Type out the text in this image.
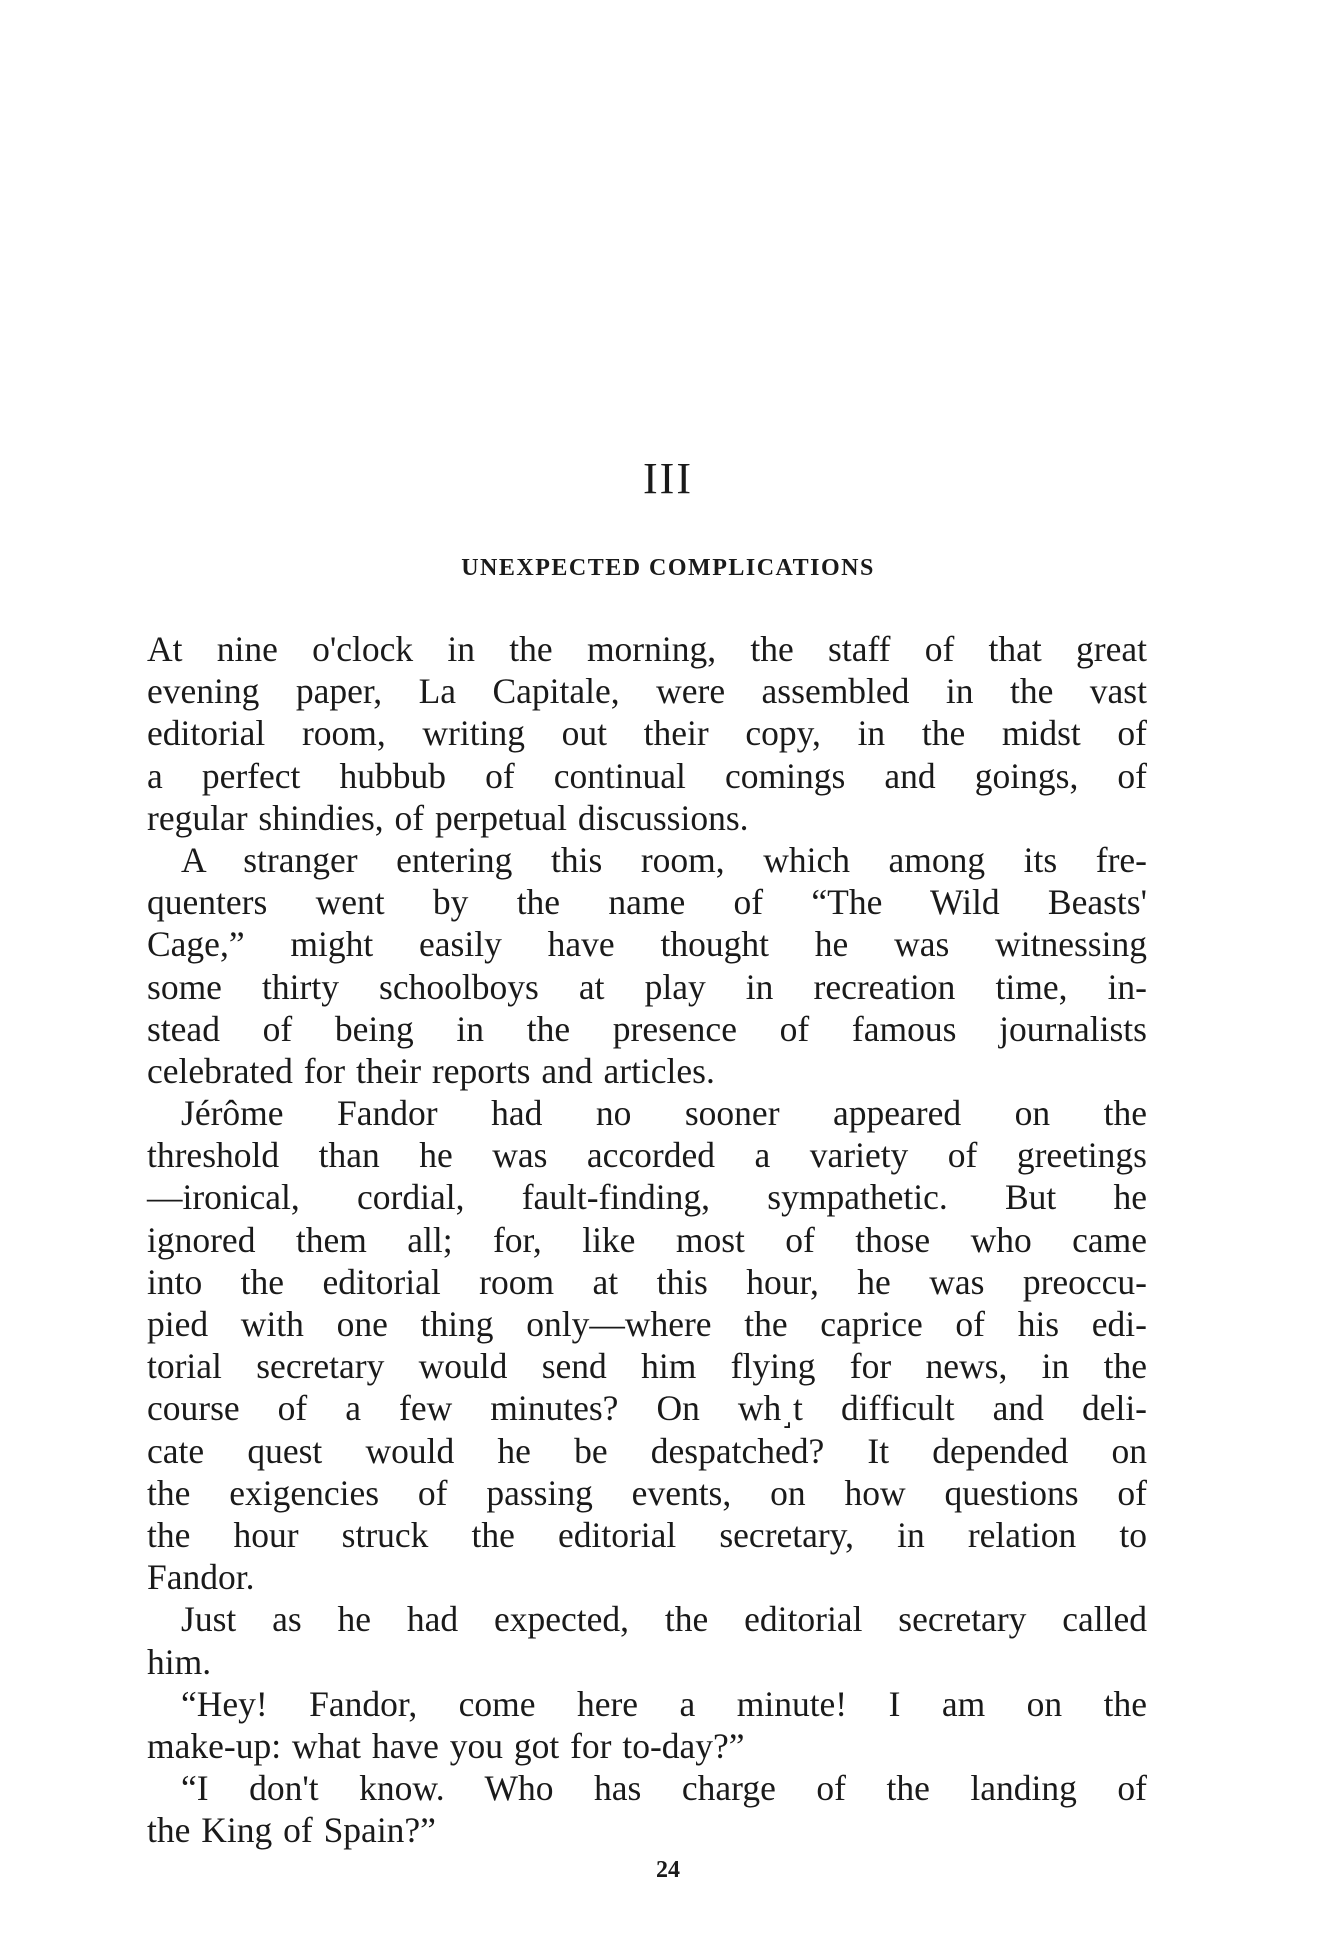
III
UNEXPECTED COMPLICATIONS
At nine o'clock in the morning, the staff of that great
evening paper, La Capitale, were assembled in the vast
editorial room, writing out their copy, in the midst of
a perfect hubbub of continual comings and goings, of
regular shindies, of perpetual discussions.
A stranger entering this room, which among its fre-
quenters went by the name of “The Wild Beasts'
Cage,” might easily have thought he was witnessing
some thirty schoolboys at play in recreation time, in-
stead of being in the presence of famous journalists
celebrated for their reports and articles.
Jérôme Fandor had no sooner appeared on the
threshold than he was accorded a variety of greetings
—ironical, cordial, fault-finding, sympathetic. But he
ignored them all; for, like most of those who came
into the editorial room at this hour, he was preoccu-
pied with one thing only—where the caprice of his edi-
torial secretary would send him flying for news, in the
course of a few minutes? On wh˼t difficult and deli-
cate quest would he be despatched? It depended on
the exigencies of passing events, on how questions of
the hour struck the editorial secretary, in relation to
Fandor.
Just as he had expected, the editorial secretary called
him.
“Hey! Fandor, come here a minute! I am on the
make-up: what have you got for to-day?”
“I don't know. Who has charge of the landing of
the King of Spain?”
24
